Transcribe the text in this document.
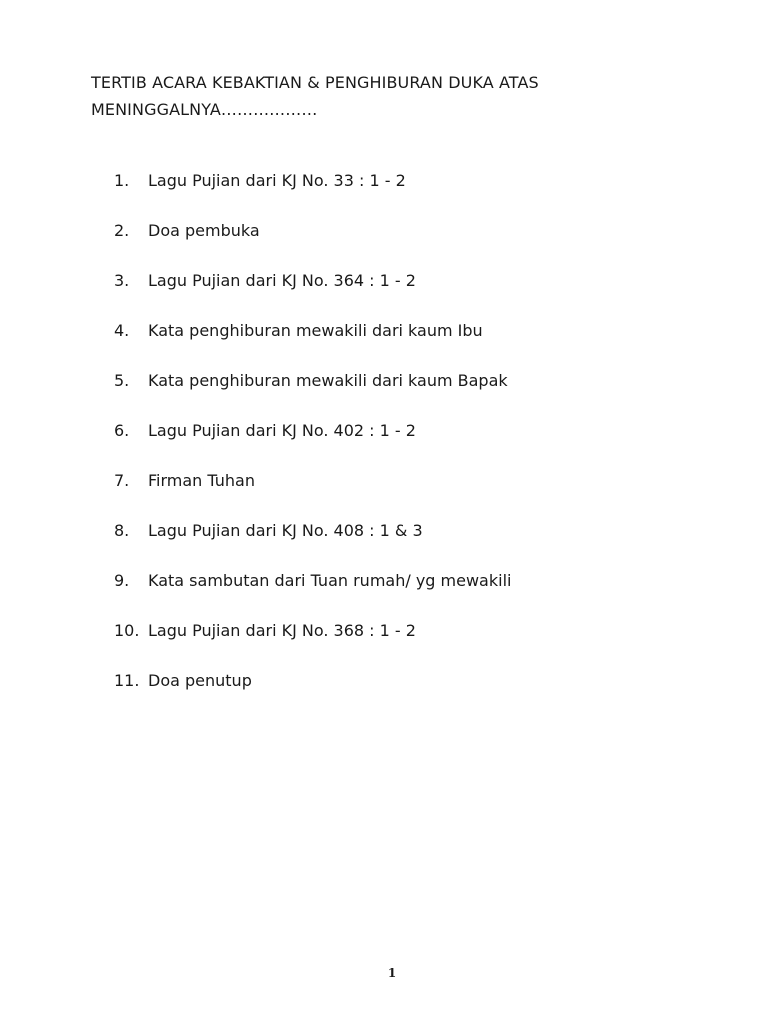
TERTIB ACARA KEBAKTIAN & PENGHIBURAN DUKA ATAS
MENINGGALNYA………………
1. Lagu Pujian dari KJ No. 33 : 1 - 2
2. Doa pembuka
3. Lagu Pujian dari KJ No. 364 : 1 - 2
4. Kata penghiburan mewakili dari kaum Ibu
5. Kata penghiburan mewakili dari kaum Bapak
6. Lagu Pujian dari KJ No. 402 : 1 - 2
7. Firman Tuhan
8. Lagu Pujian dari KJ No. 408 : 1 & 3
9. Kata sambutan dari Tuan rumah/ yg mewakili
10. Lagu Pujian dari KJ No. 368 : 1 - 2
11. Doa penutup
1
